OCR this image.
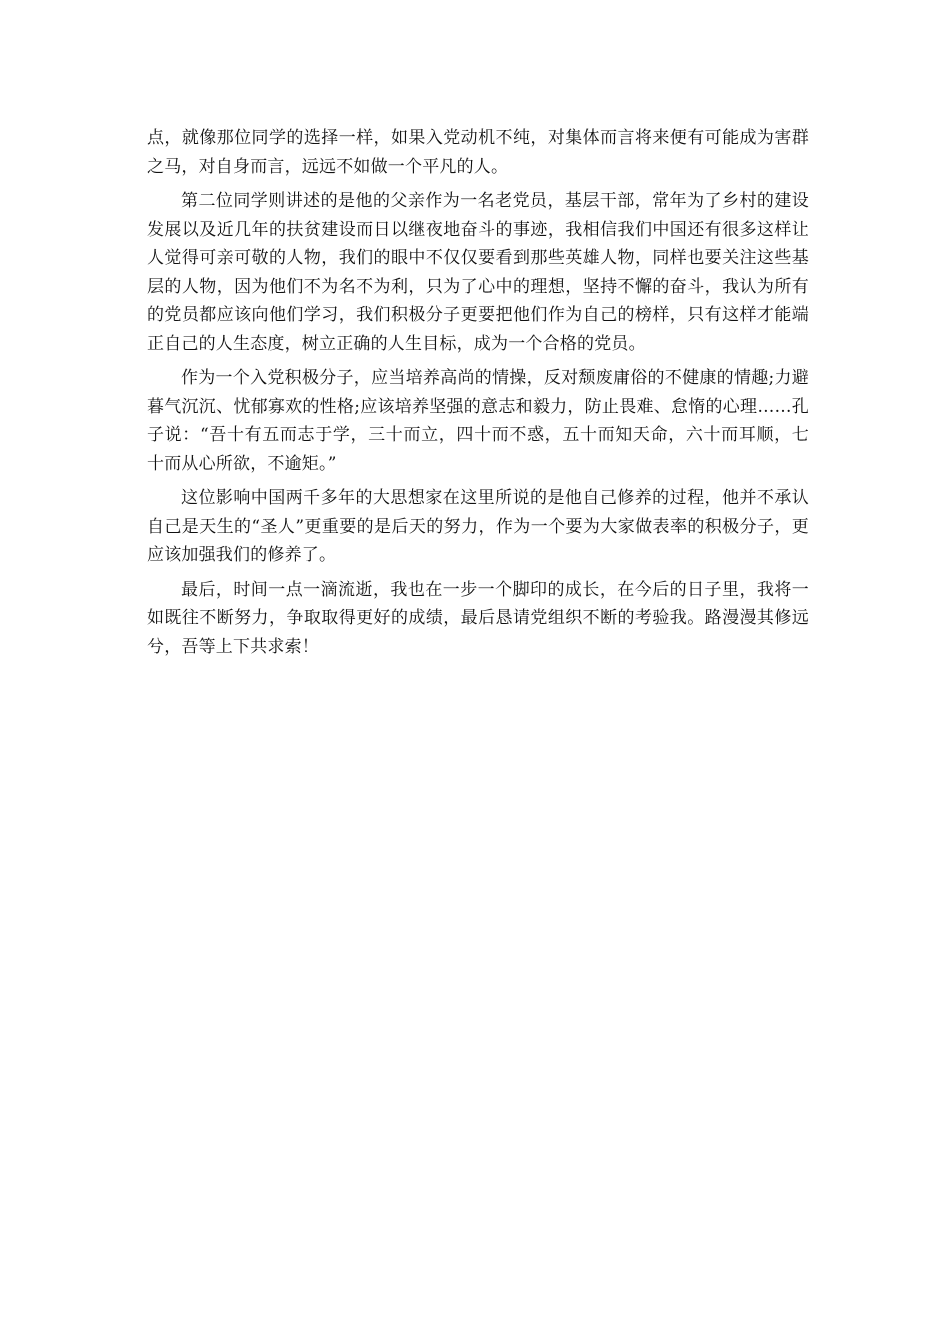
点，就像那位同学的选择一样，如果入党动机不纯，对集体而言将来便有可能成为害群之马，对自身而言，远远不如做一个平凡的人。

第二位同学则讲述的是他的父亲作为一名老党员，基层干部，常年为了乡村的建设发展以及近几年的扶贫建设而日以继夜地奋斗的事迹，我相信我们中国还有很多这样让人觉得可亲可敬的人物，我们的眼中不仅仅要看到那些英雄人物，同样也要关注这些基层的人物，因为他们不为名不为利，只为了心中的理想，坚持不懈的奋斗，我认为所有的党员都应该向他们学习，我们积极分子更要把他们作为自己的榜样，只有这样才能端正自己的人生态度，树立正确的人生目标，成为一个合格的党员。

作为一个入党积极分子，应当培养高尚的情操，反对颓废庸俗的不健康的情趣;力避暮气沉沉、忧郁寡欢的性格;应该培养坚强的意志和毅力，防止畏难、怠惰的心理……孔子说：“吾十有五而志于学，三十而立，四十而不惑，五十而知天命，六十而耳顺，七十而从心所欲，不逾矩。”

这位影响中国两千多年的大思想家在这里所说的是他自己修养的过程，他并不承认自己是天生的“圣人”更重要的是后天的努力，作为一个要为大家做表率的积极分子，更应该加强我们的修养了。

最后，时间一点一滴流逝，我也在一步一个脚印的成长，在今后的日子里，我将一如既往不断努力，争取取得更好的成绩，最后恳请党组织不断的考验我。路漫漫其修远兮，吾等上下共求索！
